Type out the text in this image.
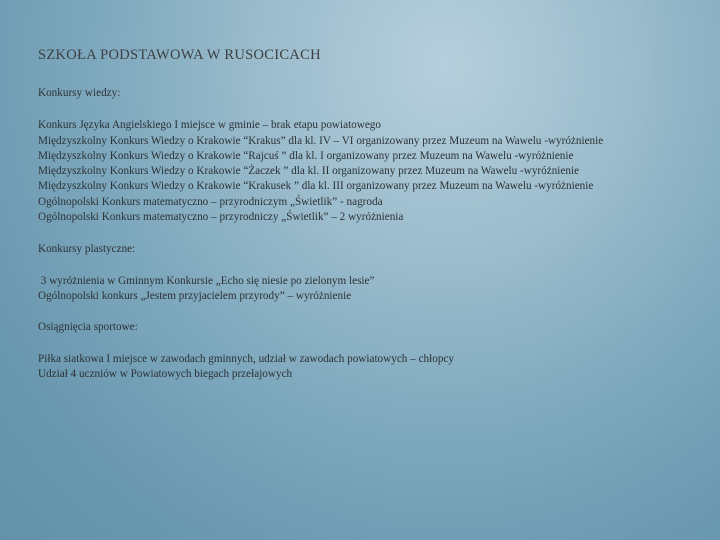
SZKOŁA PODSTAWOWA W RUSOCICACH

Konkursy wiedzy:

Konkurs Języka Angielskiego I miejsce w gminie – brak etapu powiatowego
Międzyszkolny Konkurs Wiedzy o Krakowie “Krakus” dla kl. IV – VI organizowany przez Muzeum na Wawelu -wyróżnienie
Międzyszkolny Konkurs Wiedzy o Krakowie “Rajcuś ” dla kl. I organizowany przez Muzeum na Wawelu -wyróżnienie
Międzyszkolny Konkurs Wiedzy o Krakowie “Żaczek ” dla kl. II organizowany przez Muzeum na Wawelu -wyróżnienie
Międzyszkolny Konkurs Wiedzy o Krakowie “Krakusek ” dla kl. III organizowany przez Muzeum na Wawelu -wyróżnienie
Ogólnopolski Konkurs matematyczno – przyrodniczym „Świetlik” - nagroda
Ogólnopolski Konkurs matematyczno – przyrodniczy „Świetlik” – 2 wyróżnienia

Konkursy plastyczne:

3 wyróżnienia w Gminnym Konkursie „Echo się niesie po zielonym lesie”
Ogólnopolski konkurs „Jestem przyjacielem przyrody” – wyróżnienie

Osiągnięcia sportowe:

Piłka siatkowa I miejsce w zawodach gminnych, udział w zawodach powiatowych – chłopcy
Udział 4 uczniów w Powiatowych biegach przełajowych
